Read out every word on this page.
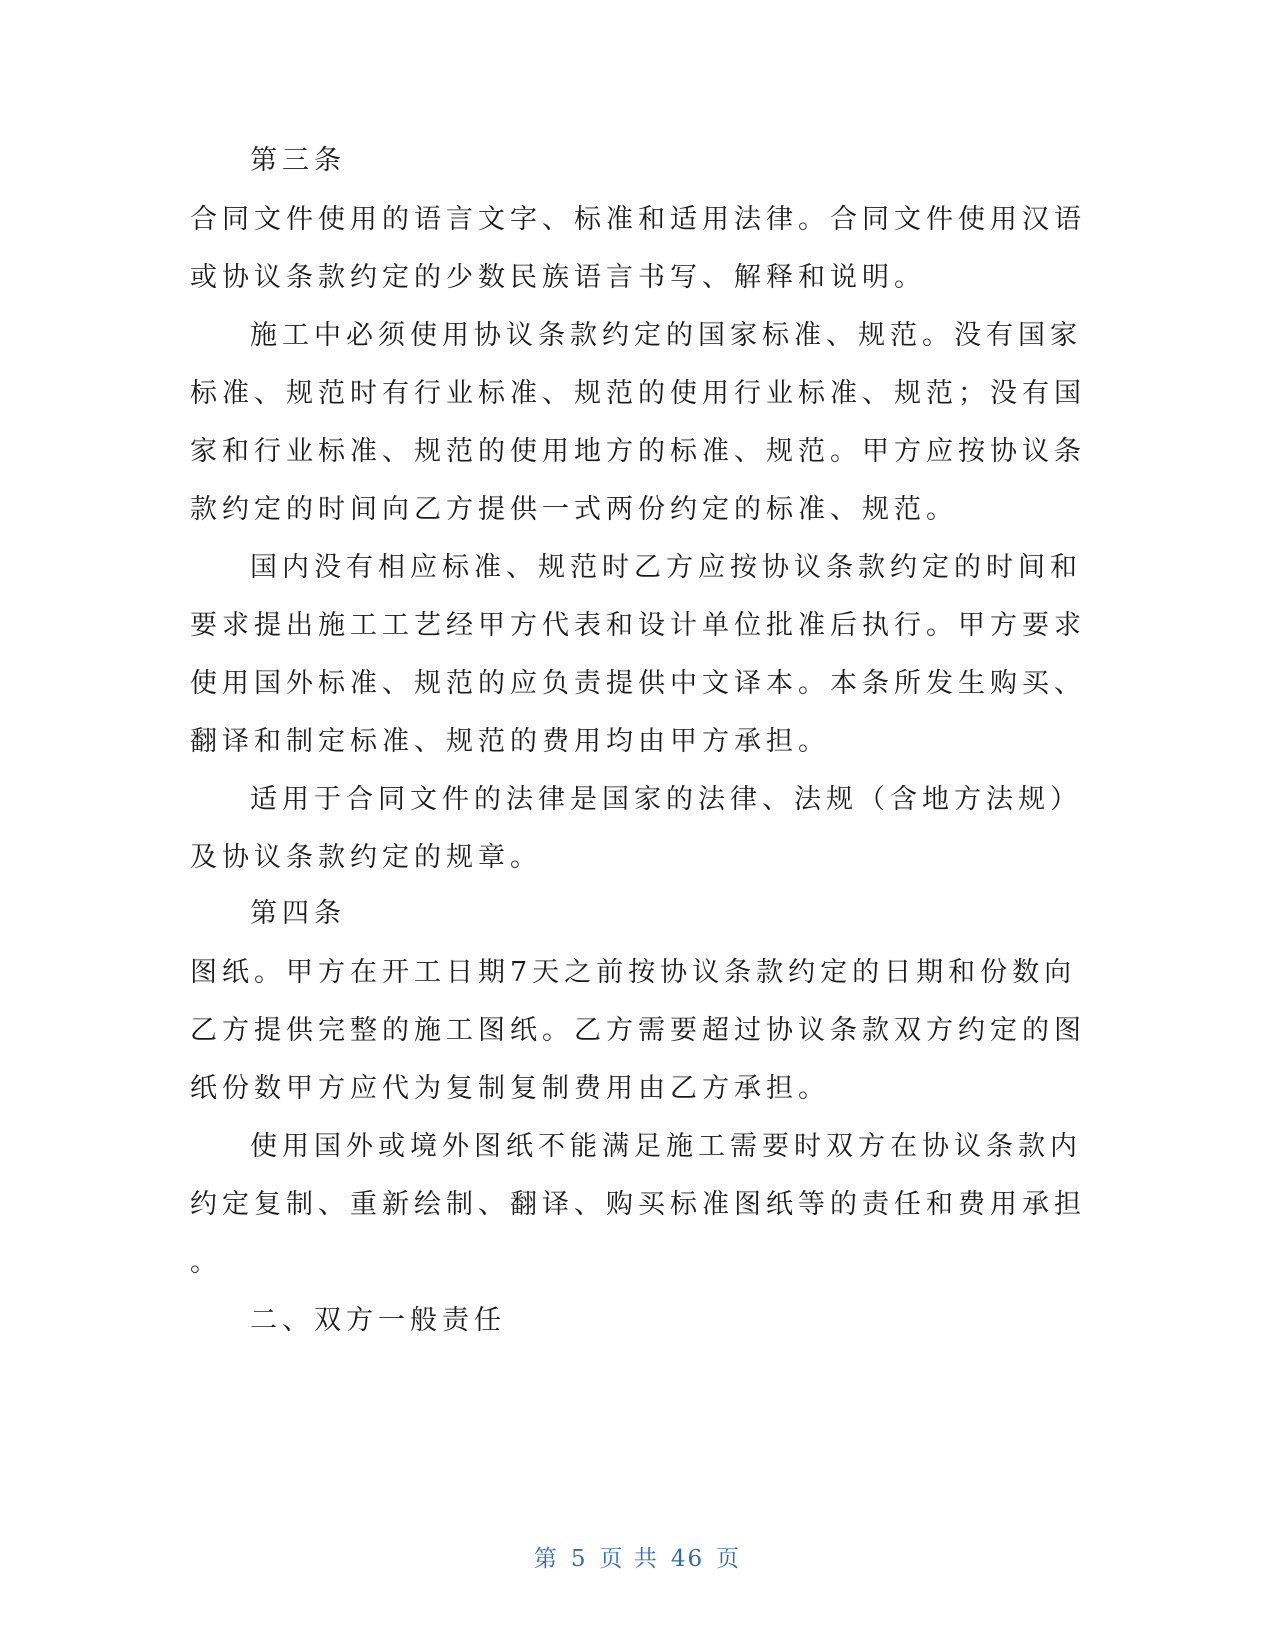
第三条
合同文件使用的语言文字、标准和适用法律。合同文件使用汉语
或协议条款约定的少数民族语言书写、解释和说明。
施工中必须使用协议条款约定的国家标准、规范。没有国家
标准、规范时有行业标准、规范的使用行业标准、规范；没有国
家和行业标准、规范的使用地方的标准、规范。甲方应按协议条
款约定的时间向乙方提供一式两份约定的标准、规范。
国内没有相应标准、规范时乙方应按协议条款约定的时间和
要求提出施工工艺经甲方代表和设计单位批准后执行。甲方要求
使用国外标准、规范的应负责提供中文译本。本条所发生购买、
翻译和制定标准、规范的费用均由甲方承担。
适用于合同文件的法律是国家的法律、法规（含地方法规）
及协议条款约定的规章。
第四条
图纸。甲方在开工日期7天之前按协议条款约定的日期和份数向
乙方提供完整的施工图纸。乙方需要超过协议条款双方约定的图
纸份数甲方应代为复制复制费用由乙方承担。
使用国外或境外图纸不能满足施工需要时双方在协议条款内
约定复制、重新绘制、翻译、购买标准图纸等的责任和费用承担
。
二、双方一般责任
第 5 页 共 46 页
